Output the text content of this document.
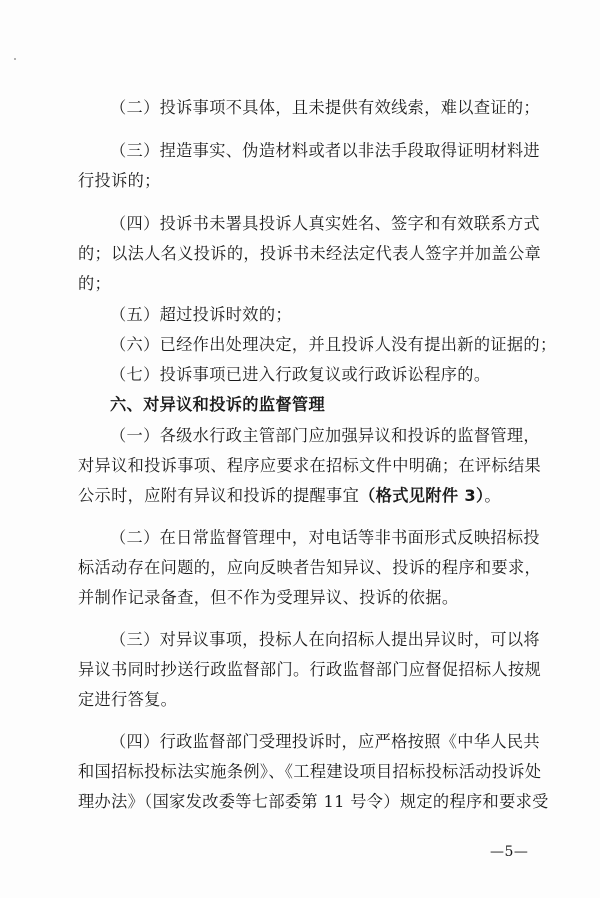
（二）投诉事项不具体，且未提供有效线索，难以查证的；
（三）捏造事实、伪造材料或者以非法手段取得证明材料进
行投诉的；
（四）投诉书未署具投诉人真实姓名、签字和有效联系方式
的；以法人名义投诉的，投诉书未经法定代表人签字并加盖公章
的；
（五）超过投诉时效的；
（六）已经作出处理决定，并且投诉人没有提出新的证据的；
（七）投诉事项已进入行政复议或行政诉讼程序的。
六、对异议和投诉的监督管理
（一）各级水行政主管部门应加强异议和投诉的监督管理，
对异议和投诉事项、程序应要求在招标文件中明确；在评标结果
公示时，应附有异议和投诉的提醒事宜（格式见附件 3）。
（二）在日常监督管理中，对电话等非书面形式反映招标投
标活动存在问题的，应向反映者告知异议、投诉的程序和要求，
并制作记录备查，但不作为受理异议、投诉的依据。
（三）对异议事项，投标人在向招标人提出异议时，可以将
异议书同时抄送行政监督部门。行政监督部门应督促招标人按规
定进行答复。
（四）行政监督部门受理投诉时，应严格按照《中华人民共
和国招标投标法实施条例》、《工程建设项目招标投标活动投诉处
理办法》（国家发改委等七部委第 11 号令）规定的程序和要求受
—5—
